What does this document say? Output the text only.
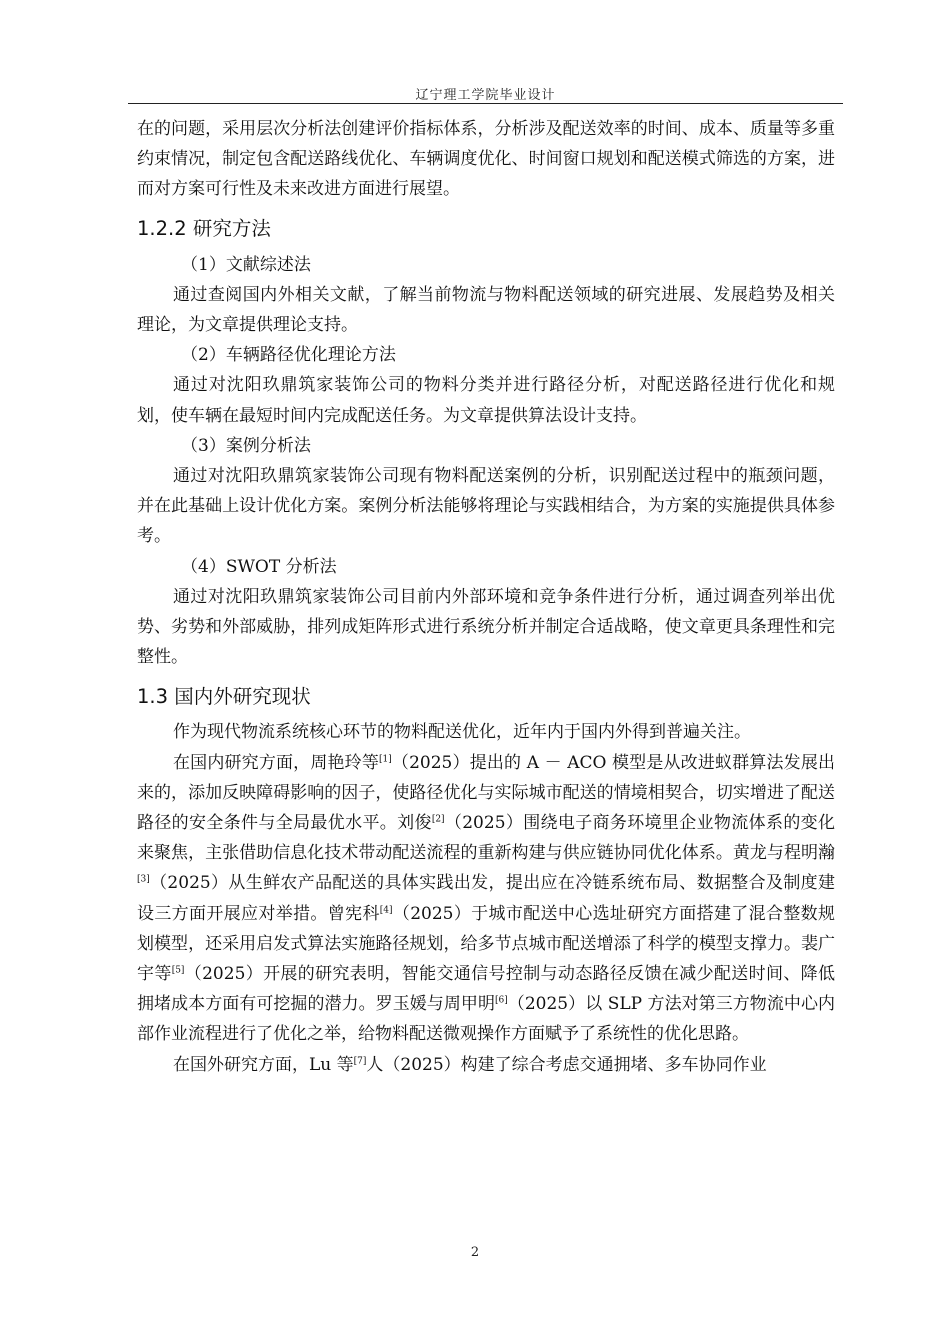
辽宁理工学院毕业设计

在的问题，采用层次分析法创建评价指标体系，分析涉及配送效率的时间、成本、质量等多重约束情况，制定包含配送路线优化、车辆调度优化、时间窗口规划和配送模式筛选的方案，进而对方案可行性及未来改进方面进行展望。

1.2.2 研究方法

（1）文献综述法

通过查阅国内外相关文献，了解当前物流与物料配送领域的研究进展、发展趋势及相关理论，为文章提供理论支持。

（2）车辆路径优化理论方法

通过对沈阳玖鼎筑家装饰公司的物料分类并进行路径分析，对配送路径进行优化和规划，使车辆在最短时间内完成配送任务。为文章提供算法设计支持。

（3）案例分析法

通过对沈阳玖鼎筑家装饰公司现有物料配送案例的分析，识别配送过程中的瓶颈问题，并在此基础上设计优化方案。案例分析法能够将理论与实践相结合，为方案的实施提供具体参考。

（4）SWOT 分析法

通过对沈阳玖鼎筑家装饰公司目前内外部环境和竞争条件进行分析，通过调查列举出优势、劣势和外部威胁，排列成矩阵形式进行系统分析并制定合适战略，使文章更具条理性和完整性。

1.3 国内外研究现状

作为现代物流系统核心环节的物料配送优化，近年内于国内外得到普遍关注。

在国内研究方面，周艳玲等[1]（2025）提出的 A － ACO 模型是从改进蚁群算法发展出来的，添加反映障碍影响的因子，使路径优化与实际城市配送的情境相契合，切实增进了配送路径的安全条件与全局最优水平。刘俊[2]（2025）围绕电子商务环境里企业物流体系的变化来聚焦，主张借助信息化技术带动配送流程的重新构建与供应链协同优化体系。黄龙与程明瀚[3]（2025）从生鲜农产品配送的具体实践出发，提出应在冷链系统布局、数据整合及制度建设三方面开展应对举措。曾宪科[4]（2025）于城市配送中心选址研究方面搭建了混合整数规划模型，还采用启发式算法实施路径规划，给多节点城市配送增添了科学的模型支撑力。裴广宇等[5]（2025）开展的研究表明，智能交通信号控制与动态路径反馈在减少配送时间、降低拥堵成本方面有可挖掘的潜力。罗玉媛与周甲明[6]（2025）以 SLP 方法对第三方物流中心内部作业流程进行了优化之举，给物料配送微观操作方面赋予了系统性的优化思路。

在国外研究方面，Lu 等[7]人（2025）构建了综合考虑交通拥堵、多车协同作业

2
